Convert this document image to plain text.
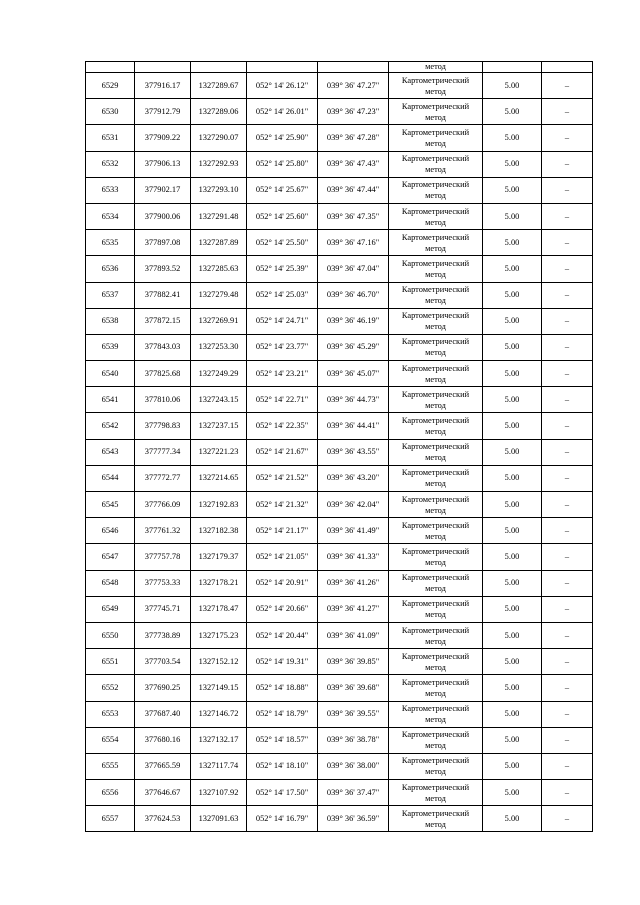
					метод		
6529	377916.17	1327289.67	052° 14' 26.12"	039° 36' 47.27"	Картометрический
метод	5.00	–
6530	377912.79	1327289.06	052° 14' 26.01"	039° 36' 47.23"	Картометрический
метод	5.00	–
6531	377909.22	1327290.07	052° 14' 25.90"	039° 36' 47.28"	Картометрический
метод	5.00	–
6532	377906.13	1327292.93	052° 14' 25.80"	039° 36' 47.43"	Картометрический
метод	5.00	–
6533	377902.17	1327293.10	052° 14' 25.67"	039° 36' 47.44"	Картометрический
метод	5.00	–
6534	377900.06	1327291.48	052° 14' 25.60"	039° 36' 47.35"	Картометрический
метод	5.00	–
6535	377897.08	1327287.89	052° 14' 25.50"	039° 36' 47.16"	Картометрический
метод	5.00	–
6536	377893.52	1327285.63	052° 14' 25.39"	039° 36' 47.04"	Картометрический
метод	5.00	–
6537	377882.41	1327279.48	052° 14' 25.03"	039° 36' 46.70"	Картометрический
метод	5.00	–
6538	377872.15	1327269.91	052° 14' 24.71"	039° 36' 46.19"	Картометрический
метод	5.00	–
6539	377843.03	1327253.30	052° 14' 23.77"	039° 36' 45.29"	Картометрический
метод	5.00	–
6540	377825.68	1327249.29	052° 14' 23.21"	039° 36' 45.07"	Картометрический
метод	5.00	–
6541	377810.06	1327243.15	052° 14' 22.71"	039° 36' 44.73"	Картометрический
метод	5.00	–
6542	377798.83	1327237.15	052° 14' 22.35"	039° 36' 44.41"	Картометрический
метод	5.00	–
6543	377777.34	1327221.23	052° 14' 21.67"	039° 36' 43.55"	Картометрический
метод	5.00	–
6544	377772.77	1327214.65	052° 14' 21.52"	039° 36' 43.20"	Картометрический
метод	5.00	–
6545	377766.09	1327192.83	052° 14' 21.32"	039° 36' 42.04"	Картометрический
метод	5.00	–
6546	377761.32	1327182.38	052° 14' 21.17"	039° 36' 41.49"	Картометрический
метод	5.00	–
6547	377757.78	1327179.37	052° 14' 21.05"	039° 36' 41.33"	Картометрический
метод	5.00	–
6548	377753.33	1327178.21	052° 14' 20.91"	039° 36' 41.26"	Картометрический
метод	5.00	–
6549	377745.71	1327178.47	052° 14' 20.66"	039° 36' 41.27"	Картометрический
метод	5.00	–
6550	377738.89	1327175.23	052° 14' 20.44"	039° 36' 41.09"	Картометрический
метод	5.00	–
6551	377703.54	1327152.12	052° 14' 19.31"	039° 36' 39.85"	Картометрический
метод	5.00	–
6552	377690.25	1327149.15	052° 14' 18.88"	039° 36' 39.68"	Картометрический
метод	5.00	–
6553	377687.40	1327146.72	052° 14' 18.79"	039° 36' 39.55"	Картометрический
метод	5.00	–
6554	377680.16	1327132.17	052° 14' 18.57"	039° 36' 38.78"	Картометрический
метод	5.00	–
6555	377665.59	1327117.74	052° 14' 18.10"	039° 36' 38.00"	Картометрический
метод	5.00	–
6556	377646.67	1327107.92	052° 14' 17.50"	039° 36' 37.47"	Картометрический
метод	5.00	–
6557	377624.53	1327091.63	052° 14' 16.79"	039° 36' 36.59"	Картометрический
метод	5.00	–
